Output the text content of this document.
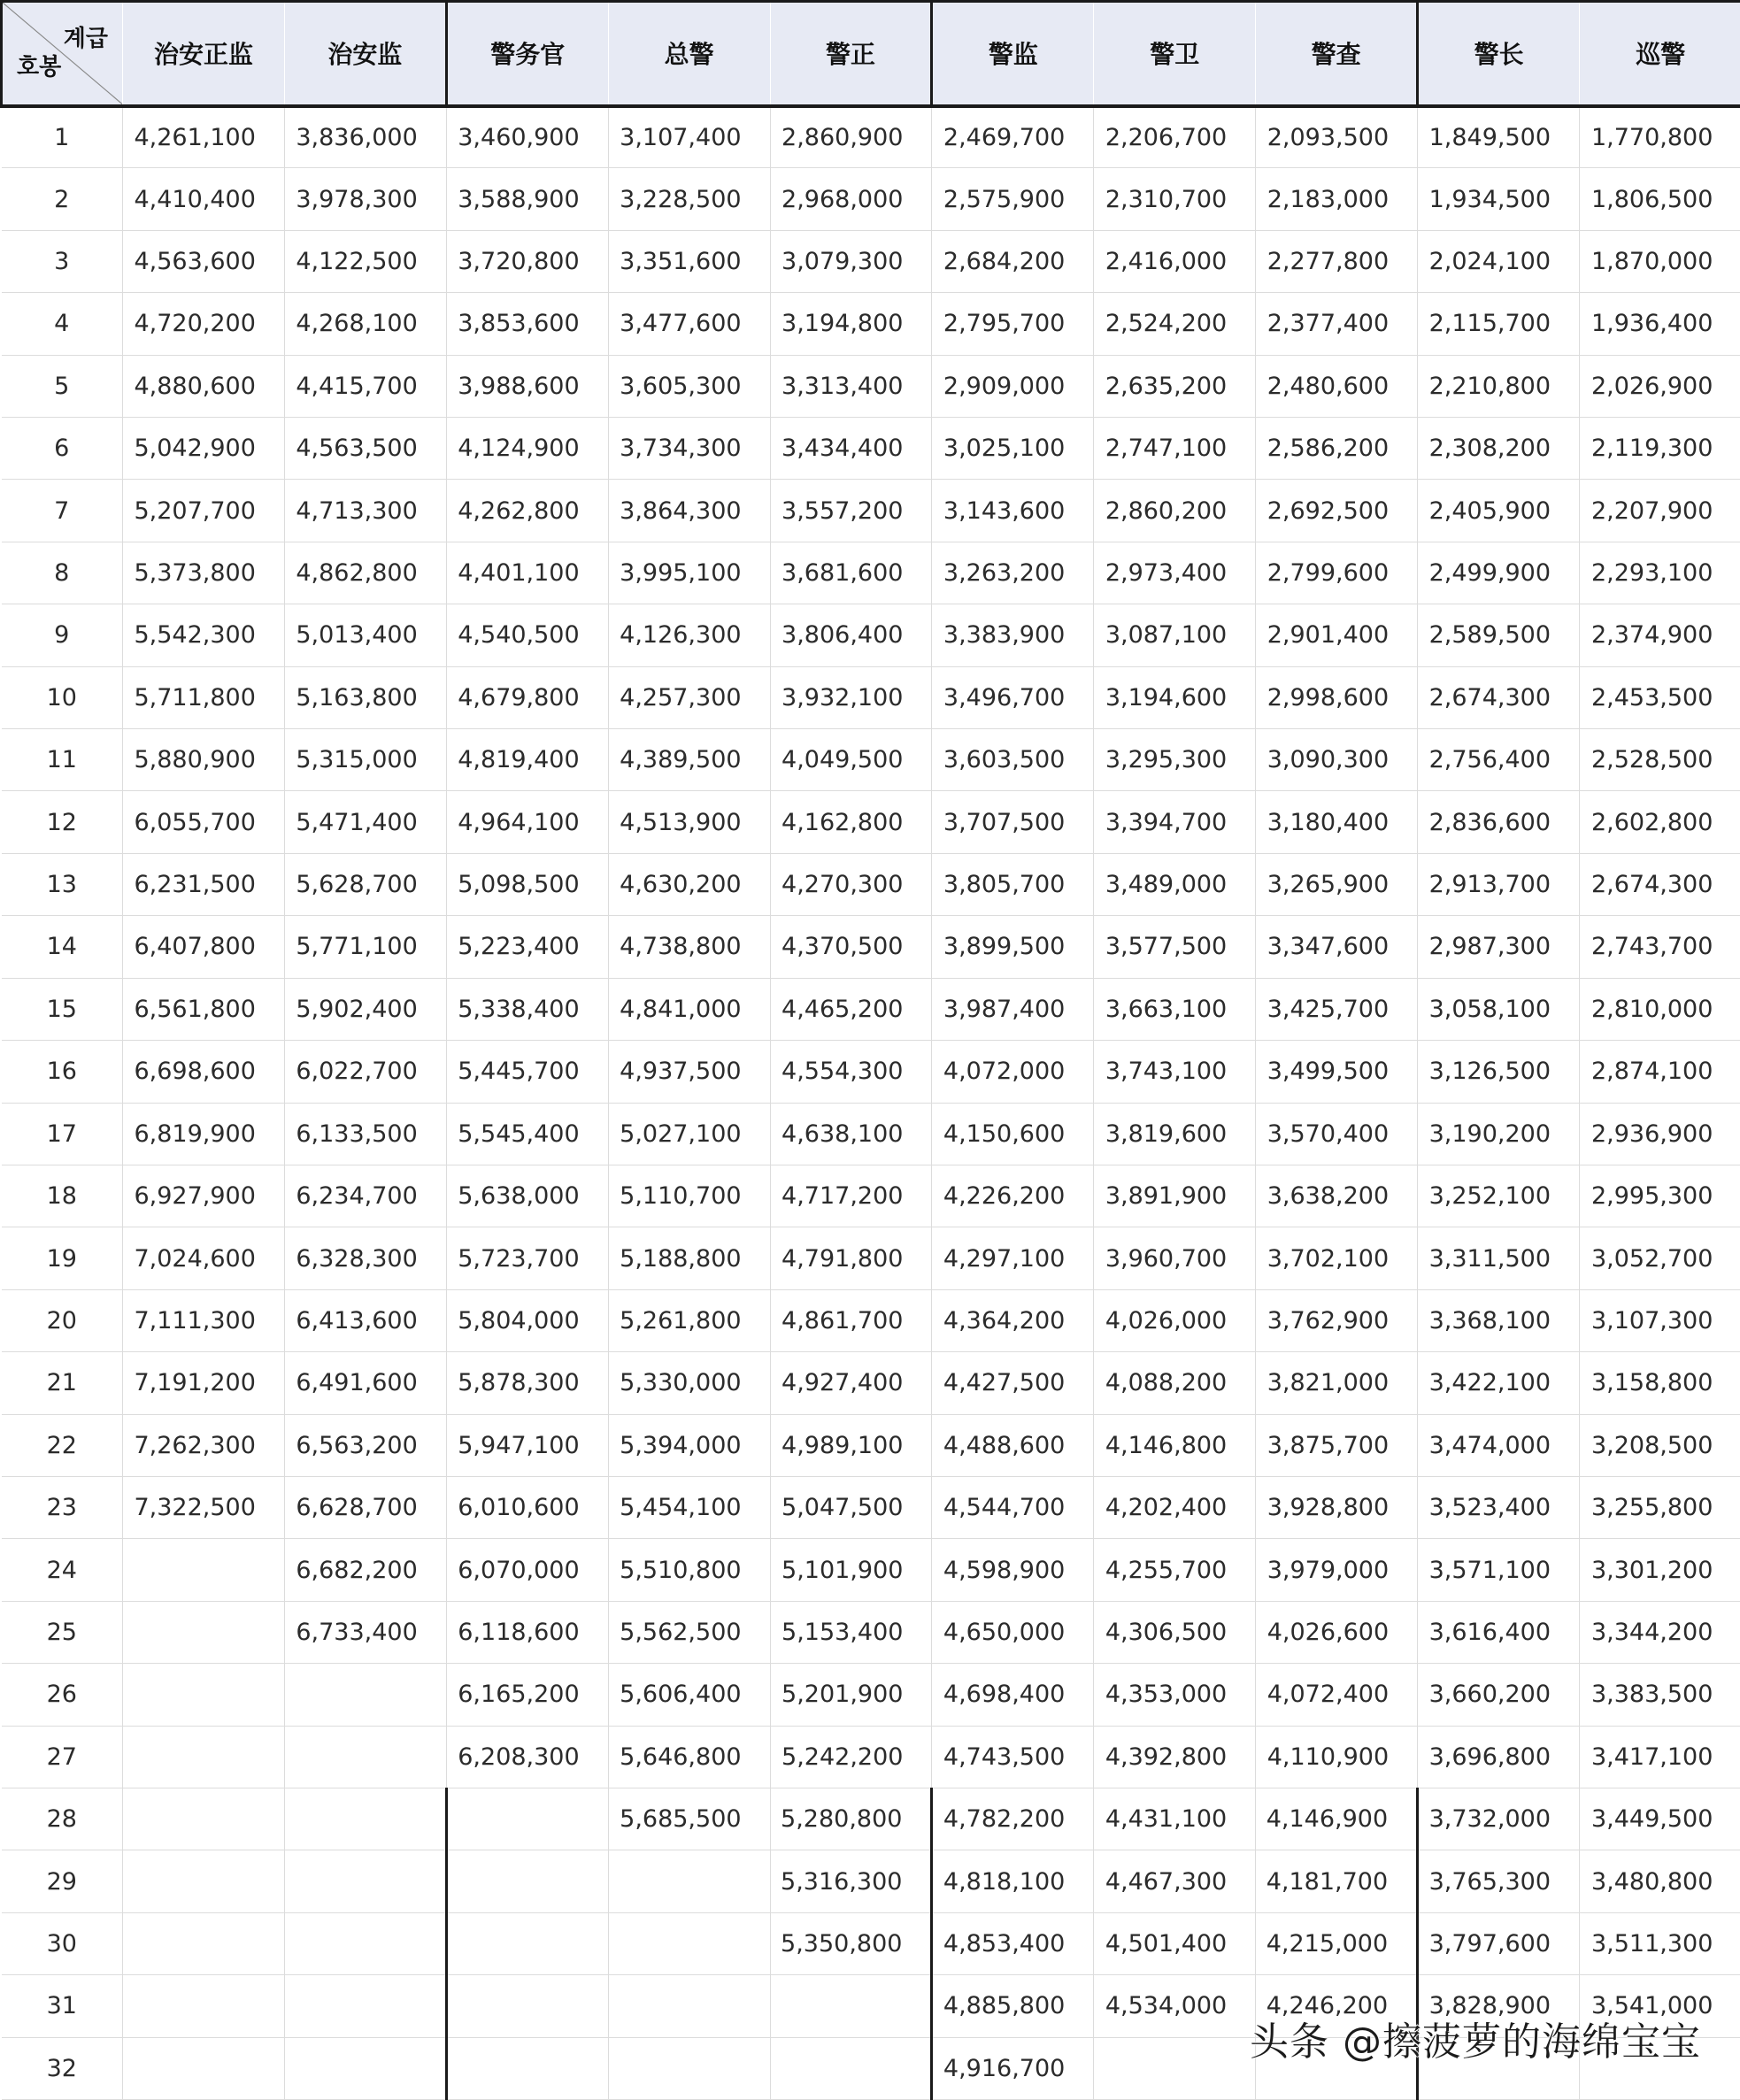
계급
호봉	治安正监	治安监	警务官	总警	警正	警监	警卫	警查	警长	巡警
1	4,261,100	3,836,000	3,460,900	3,107,400	2,860,900	2,469,700	2,206,700	2,093,500	1,849,500	1,770,800
2	4,410,400	3,978,300	3,588,900	3,228,500	2,968,000	2,575,900	2,310,700	2,183,000	1,934,500	1,806,500
3	4,563,600	4,122,500	3,720,800	3,351,600	3,079,300	2,684,200	2,416,000	2,277,800	2,024,100	1,870,000
4	4,720,200	4,268,100	3,853,600	3,477,600	3,194,800	2,795,700	2,524,200	2,377,400	2,115,700	1,936,400
5	4,880,600	4,415,700	3,988,600	3,605,300	3,313,400	2,909,000	2,635,200	2,480,600	2,210,800	2,026,900
6	5,042,900	4,563,500	4,124,900	3,734,300	3,434,400	3,025,100	2,747,100	2,586,200	2,308,200	2,119,300
7	5,207,700	4,713,300	4,262,800	3,864,300	3,557,200	3,143,600	2,860,200	2,692,500	2,405,900	2,207,900
8	5,373,800	4,862,800	4,401,100	3,995,100	3,681,600	3,263,200	2,973,400	2,799,600	2,499,900	2,293,100
9	5,542,300	5,013,400	4,540,500	4,126,300	3,806,400	3,383,900	3,087,100	2,901,400	2,589,500	2,374,900
10	5,711,800	5,163,800	4,679,800	4,257,300	3,932,100	3,496,700	3,194,600	2,998,600	2,674,300	2,453,500
11	5,880,900	5,315,000	4,819,400	4,389,500	4,049,500	3,603,500	3,295,300	3,090,300	2,756,400	2,528,500
12	6,055,700	5,471,400	4,964,100	4,513,900	4,162,800	3,707,500	3,394,700	3,180,400	2,836,600	2,602,800
13	6,231,500	5,628,700	5,098,500	4,630,200	4,270,300	3,805,700	3,489,000	3,265,900	2,913,700	2,674,300
14	6,407,800	5,771,100	5,223,400	4,738,800	4,370,500	3,899,500	3,577,500	3,347,600	2,987,300	2,743,700
15	6,561,800	5,902,400	5,338,400	4,841,000	4,465,200	3,987,400	3,663,100	3,425,700	3,058,100	2,810,000
16	6,698,600	6,022,700	5,445,700	4,937,500	4,554,300	4,072,000	3,743,100	3,499,500	3,126,500	2,874,100
17	6,819,900	6,133,500	5,545,400	5,027,100	4,638,100	4,150,600	3,819,600	3,570,400	3,190,200	2,936,900
18	6,927,900	6,234,700	5,638,000	5,110,700	4,717,200	4,226,200	3,891,900	3,638,200	3,252,100	2,995,300
19	7,024,600	6,328,300	5,723,700	5,188,800	4,791,800	4,297,100	3,960,700	3,702,100	3,311,500	3,052,700
20	7,111,300	6,413,600	5,804,000	5,261,800	4,861,700	4,364,200	4,026,000	3,762,900	3,368,100	3,107,300
21	7,191,200	6,491,600	5,878,300	5,330,000	4,927,400	4,427,500	4,088,200	3,821,000	3,422,100	3,158,800
22	7,262,300	6,563,200	5,947,100	5,394,000	4,989,100	4,488,600	4,146,800	3,875,700	3,474,000	3,208,500
23	7,322,500	6,628,700	6,010,600	5,454,100	5,047,500	4,544,700	4,202,400	3,928,800	3,523,400	3,255,800
24		6,682,200	6,070,000	5,510,800	5,101,900	4,598,900	4,255,700	3,979,000	3,571,100	3,301,200
25		6,733,400	6,118,600	5,562,500	5,153,400	4,650,000	4,306,500	4,026,600	3,616,400	3,344,200
26			6,165,200	5,606,400	5,201,900	4,698,400	4,353,000	4,072,400	3,660,200	3,383,500
27			6,208,300	5,646,800	5,242,200	4,743,500	4,392,800	4,110,900	3,696,800	3,417,100
28				5,685,500	5,280,800	4,782,200	4,431,100	4,146,900	3,732,000	3,449,500
29					5,316,300	4,818,100	4,467,300	4,181,700	3,765,300	3,480,800
30					5,350,800	4,853,400	4,501,400	4,215,000	3,797,600	3,511,300
31						4,885,800	4,534,000	4,246,200	3,828,900	3,541,000
32						4,916,700				
头条 @擦菠萝的海绵宝宝
